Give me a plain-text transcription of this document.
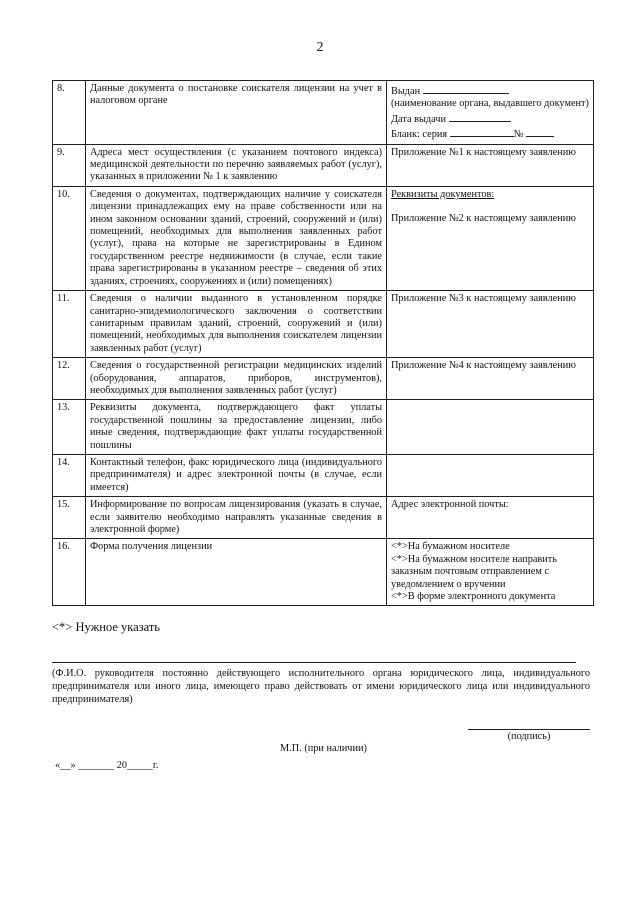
2
8.	Данные документа о постановке соискателя лицензии на учет в налоговом органе	Выдан
(наименование органа, выдавшего документ)
Дата выдачи
Бланк: серия №

9.	Адреса мест осуществления (с указанием почтового индекса) медицинской деятельности по перечню заявляемых работ (услуг), указанных в приложении № 1 к заявлению	Приложение №1 к настоящему заявлению

10.	Сведения о документах, подтверждающих наличие у соискателя лицензии принадлежащих ему на праве собственности или на ином законном основании зданий, строений, сооружений и (или) помещений, необходимых для выполнения заявленных работ (услуг), права на которые не зарегистрированы в Едином государственном реестре недвижимости (в случае, если такие права зарегистрированы в указанном реестре – сведения об этих зданиях, строениях, сооружениях и (или) помещениях)	Реквизиты документов:
Приложение №2 к настоящему заявлению

11.	Сведения о наличии выданного в установленном порядке санитарно-эпидемиологического заключения о соответствии санитарным правилам зданий, строений, сооружений и (или) помещений, необходимых для выполнения соискателем лицензии заявленных работ (услуг)	Приложение №3 к настоящему заявлению

12.	Сведения о государственной регистрации медицинских изделий (оборудования, аппаратов, приборов, инструментов), необходимых для выполнения заявленных работ (услуг)	Приложение №4 к настоящему заявлению

13.	Реквизиты документа, подтверждающего факт уплаты государственной пошлины за предоставление лицензии, либо иные сведения, подтверждающие факт уплаты государственной пошлины	

14.	Контактный телефон, факс юридического лица (индивидуального предпринимателя) и адрес электронной почты (в случае, если имеется)	

15.	Информирование по вопросам лицензирования (указать в случае, если заявителю необходимо направлять указанные сведения в электронной форме)	Адрес электронной почты:

16.	Форма получения лицензии	<*>На бумажном носителе
<*>На бумажном носителе направить заказным почтовым отправлением с уведомлением о вручении
<*>В форме электронного документа
<*> Нужное указать
(Ф.И.О. руководителя постоянно действующего исполнительного органа юридического лица, индивидуального предпринимателя или иного лица, имеющего право действовать от имени юридического лица или индивидуального предпринимателя)
(подпись)
М.П. (при наличии)
«__» _______ 20_____г.
